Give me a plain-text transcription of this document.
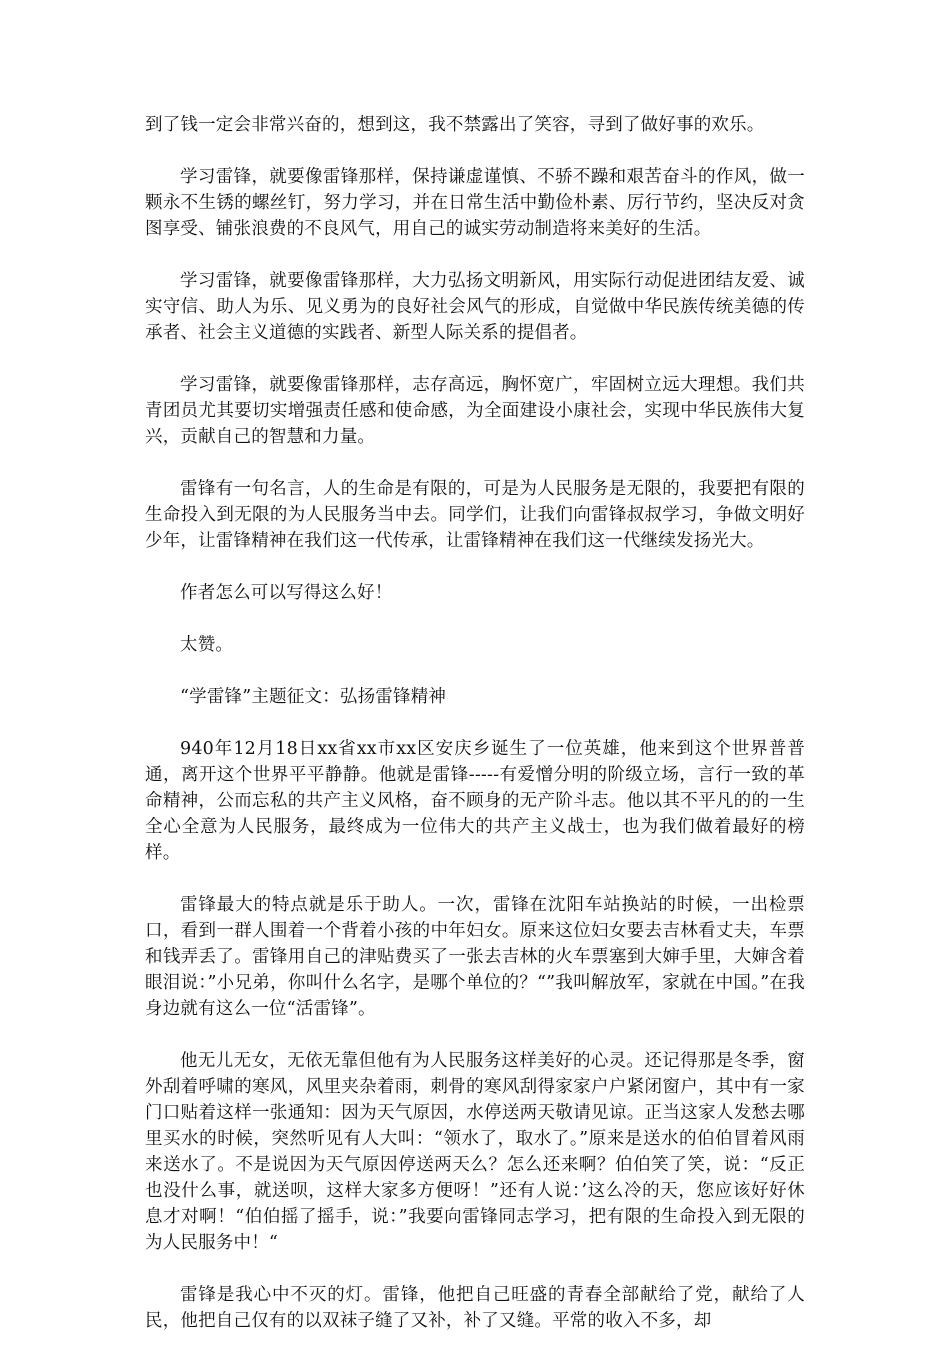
到了钱一定会非常兴奋的，想到这，我不禁露出了笑容，寻到了做好事的欢乐。

学习雷锋，就要像雷锋那样，保持谦虚谨慎、不骄不躁和艰苦奋斗的作风，做一颗永不生锈的螺丝钉，努力学习，并在日常生活中勤俭朴素、厉行节约，坚决反对贪图享受、铺张浪费的不良风气，用自己的诚实劳动制造将来美好的生活。

学习雷锋，就要像雷锋那样，大力弘扬文明新风，用实际行动促进团结友爱、诚实守信、助人为乐、见义勇为的良好社会风气的形成，自觉做中华民族传统美德的传承者、社会主义道德的实践者、新型人际关系的提倡者。

学习雷锋，就要像雷锋那样，志存高远，胸怀宽广，牢固树立远大理想。我们共青团员尤其要切实增强责任感和使命感，为全面建设小康社会，实现中华民族伟大复兴，贡献自己的智慧和力量。

雷锋有一句名言，人的生命是有限的，可是为人民服务是无限的，我要把有限的生命投入到无限的为人民服务当中去。同学们，让我们向雷锋叔叔学习，争做文明好少年，让雷锋精神在我们这一代传承，让雷锋精神在我们这一代继续发扬光大。

作者怎么可以写得这么好！

太赞。

“学雷锋”主题征文：弘扬雷锋精神

940年12月18日xx省xx市xx区安庆乡诞生了一位英雄，他来到这个世界普普通，离开这个世界平平静静。他就是雷锋-----有爱憎分明的阶级立场，言行一致的革命精神，公而忘私的共产主义风格，奋不顾身的无产阶斗志。他以其不平凡的的一生全心全意为人民服务，最终成为一位伟大的共产主义战士，也为我们做着最好的榜样。

雷锋最大的特点就是乐于助人。一次，雷锋在沈阳车站换站的时候，一出检票口，看到一群人围着一个背着小孩的中年妇女。原来这位妇女要去吉林看丈夫，车票和钱弄丢了。雷锋用自己的津贴费买了一张去吉林的火车票塞到大婶手里，大婶含着眼泪说：”小兄弟，你叫什么名字，是哪个单位的？“”我叫解放军，家就在中国。”在我身边就有这么一位“活雷锋”。

他无儿无女，无依无靠但他有为人民服务这样美好的心灵。还记得那是冬季，窗外刮着呼啸的寒风，风里夹杂着雨，刺骨的寒风刮得家家户户紧闭窗户，其中有一家门口贴着这样一张通知：因为天气原因，水停送两天敬请见谅。正当这家人发愁去哪里买水的时候，突然听见有人大叫：“领水了，取水了。”原来是送水的伯伯冒着风雨来送水了。不是说因为天气原因停送两天么？怎么还来啊？伯伯笑了笑，说：“反正也没什么事，就送呗，这样大家多方便呀！”还有人说：’这么冷的天，您应该好好休息才对啊！“伯伯摇了摇手，说：”我要向雷锋同志学习，把有限的生命投入到无限的为人民服务中！“

雷锋是我心中不灭的灯。雷锋，他把自己旺盛的青春全部献给了党，献给了人民，他把自己仅有的以双袜子缝了又补，补了又缝。平常的收入不多，却
